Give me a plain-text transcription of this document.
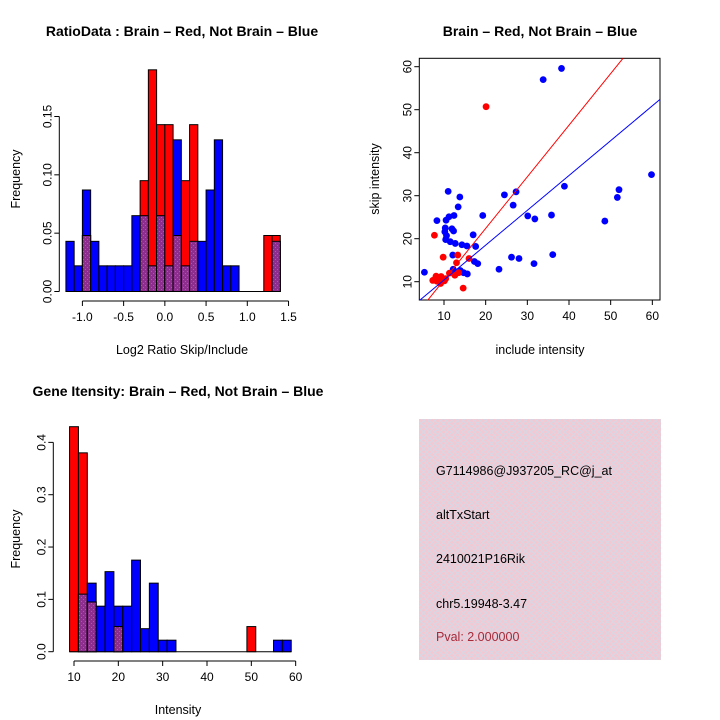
0.00
0.05
0.10
0.15
-1.0 -0.5 0.0 0.5 1.0 1.5
RatioData : Brain – Red, Not Brain – Blue
Log2 Ratio Skip/Include
Frequency
10 20 30 40 50 60
10
20
30
40
50
60
Brain – Red, Not Brain – Blue
include intensity
skip intensity
0.0
0.1
0.2
0.3
0.4
10	20	30	40	50	60
Gene Itensity: Brain – Red, Not Brain – Blue
Intensity
Frequency
G7114986@J937205_RC@j_at
altTxStart
2410021P16Rik
chr5.19948-3.47
Pval: 2.000000
